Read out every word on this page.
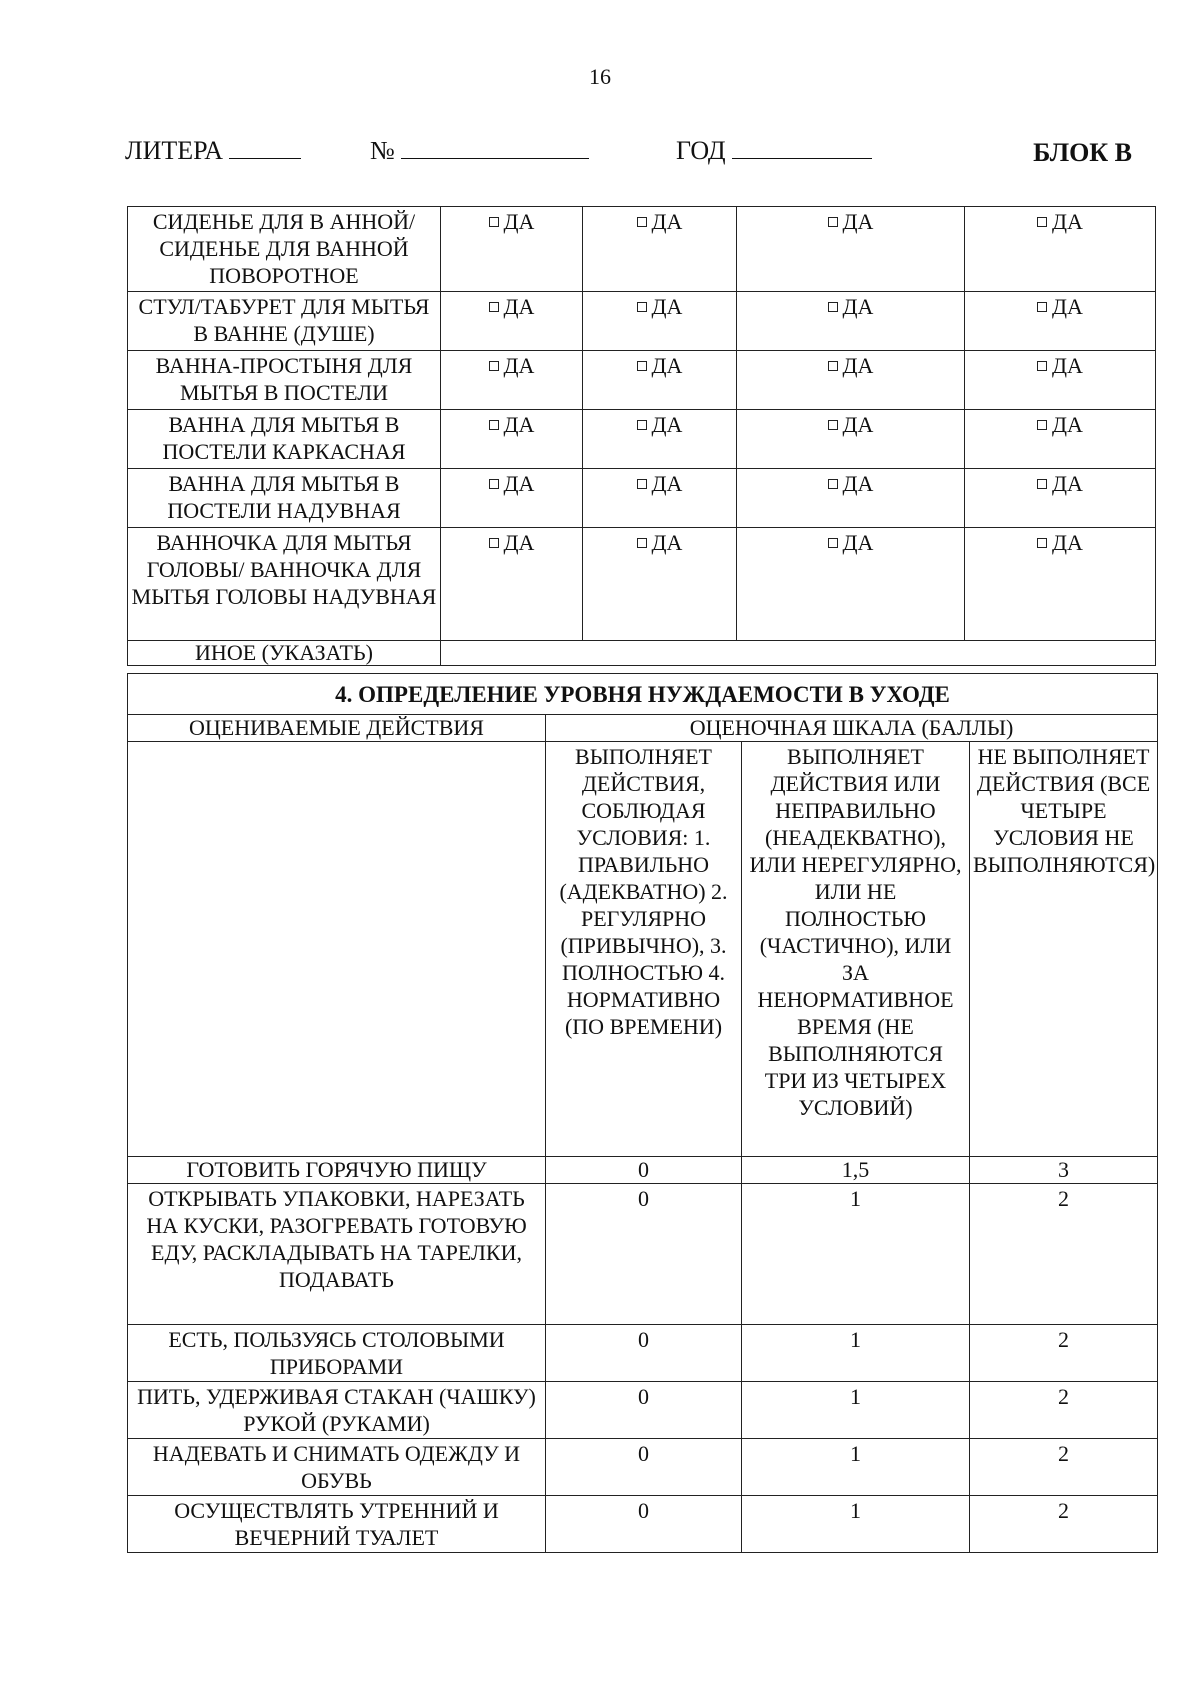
16
ЛИТЕРА	№	ГОД	БЛОК В
СИДЕНЬЕ ДЛЯ В АННОЙ/СИДЕНЬЕ ДЛЯ ВАННОЙ ПОВОРОТНОЕ	ДА	ДА	ДА	ДА
СТУЛ/ТАБУРЕТ ДЛЯ МЫТЬЯ В ВАННЕ (ДУШЕ)	ДА	ДА	ДА	ДА
ВАННА-ПРОСТЫНЯ ДЛЯ МЫТЬЯ В ПОСТЕЛИ	ДА	ДА	ДА	ДА
ВАННА ДЛЯ МЫТЬЯ В ПОСТЕЛИ КАРКАСНАЯ	ДА	ДА	ДА	ДА
ВАННА ДЛЯ МЫТЬЯ В ПОСТЕЛИ НАДУВНАЯ	ДА	ДА	ДА	ДА
ВАННОЧКА ДЛЯ МЫТЬЯ ГОЛОВЫ/ ВАННОЧКА ДЛЯ МЫТЬЯ ГОЛОВЫ НАДУВНАЯ	ДА	ДА	ДА	ДА
ИНОЕ (УКАЗАТЬ)				
4. ОПРЕДЕЛЕНИЕ УРОВНЯ НУЖДАЕМОСТИ В УХОДЕ			
ОЦЕНИВАЕМЫЕ ДЕЙСТВИЯ	ОЦЕНОЧНАЯ ШКАЛА (БАЛЛЫ)		
	ВЫПОЛНЯЕТ ДЕЙСТВИЯ, СОБЛЮДАЯ УСЛОВИЯ: 1. ПРАВИЛЬНО (АДЕКВАТНО) 2. РЕГУЛЯРНО (ПРИВЫЧНО), 3. ПОЛНОСТЬЮ 4. НОРМАТИВНО (ПО ВРЕМЕНИ)	ВЫПОЛНЯЕТ ДЕЙСТВИЯ ИЛИ НЕПРАВИЛЬНО (НЕАДЕКВАТНО), ИЛИ НЕРЕГУЛЯРНО, ИЛИ НЕ ПОЛНОСТЬЮ (ЧАСТИЧНО), ИЛИ ЗА НЕНОРМАТИВНОЕ ВРЕМЯ (НЕ ВЫПОЛНЯЮТСЯ ТРИ ИЗ ЧЕТЫРЕХ УСЛОВИЙ)	НЕ ВЫПОЛНЯЕТ ДЕЙСТВИЯ (ВСЕ ЧЕТЫРЕ УСЛОВИЯ НЕ ВЫПОЛНЯЮТСЯ)
ГОТОВИТЬ ГОРЯЧУЮ ПИЩУ	0	1,5	3
ОТКРЫВАТЬ УПАКОВКИ, НАРЕЗАТЬ НА КУСКИ, РАЗОГРЕВАТЬ ГОТОВУЮ ЕДУ, РАСКЛАДЫВАТЬ НА ТАРЕЛКИ, ПОДАВАТЬ	0	1	2
ЕСТЬ, ПОЛЬЗУЯСЬ СТОЛОВЫМИ ПРИБОРАМИ	0	1	2
ПИТЬ, УДЕРЖИВАЯ СТАКАН (ЧАШКУ) РУКОЙ (РУКАМИ)	0	1	2
НАДЕВАТЬ И СНИМАТЬ ОДЕЖДУ И ОБУВЬ	0	1	2
ОСУЩЕСТВЛЯТЬ УТРЕННИЙ И ВЕЧЕРНИЙ ТУАЛЕТ	0	1	2
